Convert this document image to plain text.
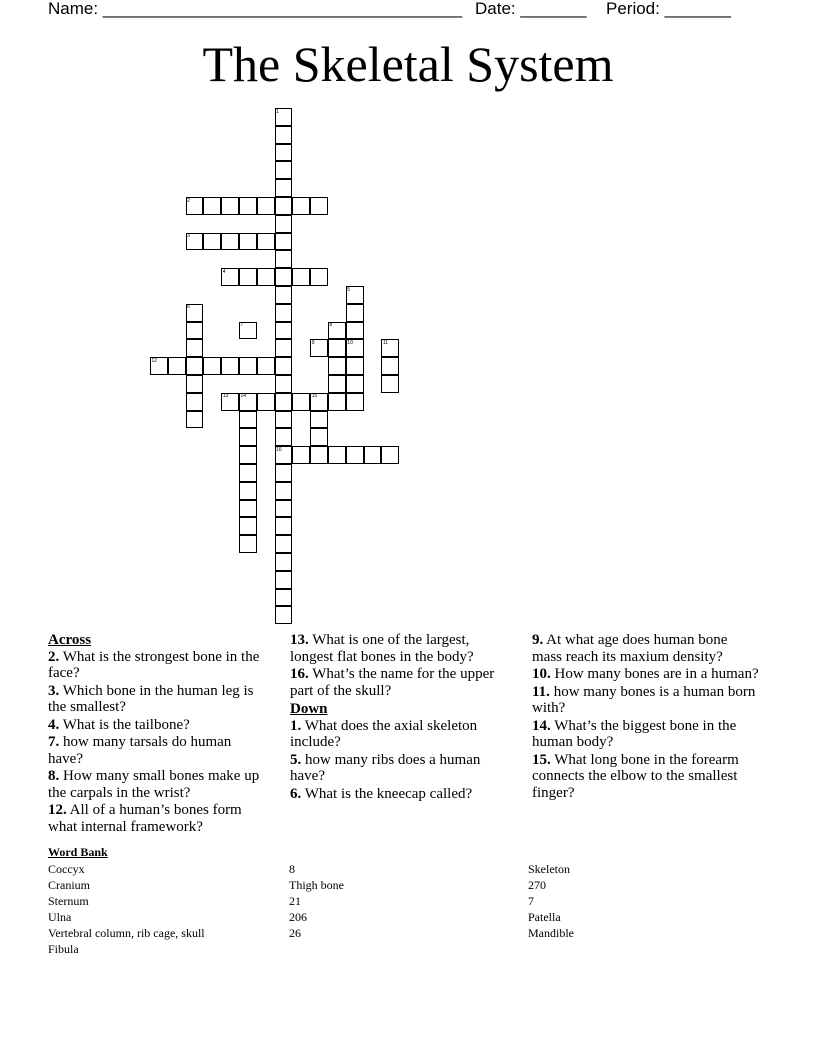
Name: ______________________________________ Date: _______ Period: _______
The Skeletal System
1
2
3
4
5
6
7	8
9	10	11
12
13 14	15
16
Across
2. What is the strongest bone in the face?
3. Which bone in the human leg is the smallest?
4. What is the tailbone?
7. how many tarsals do human have?
8. How many small bones make up the carpals in the wrist?
12. All of a human’s bones form what internal framework?
13. What is one of the largest, longest flat bones in the body?
16. What’s the name for the upper part of the skull?
Down
1. What does the axial skeleton include?
5. how many ribs does a human have?
6. What is the kneecap called?
9. At what age does human bone mass reach its maxium density?
10. How many bones are in a human?
11. how many bones is a human born with?
14. What’s the biggest bone in the human body?
15. What long bone in the forearm connects the elbow to the smallest finger?
Word Bank
Coccyx
Cranium
Sternum
Ulna
Vertebral column, rib cage, skull
Fibula
8
Thigh bone
21
206
26
Skeleton
270
7
Patella
Mandible
